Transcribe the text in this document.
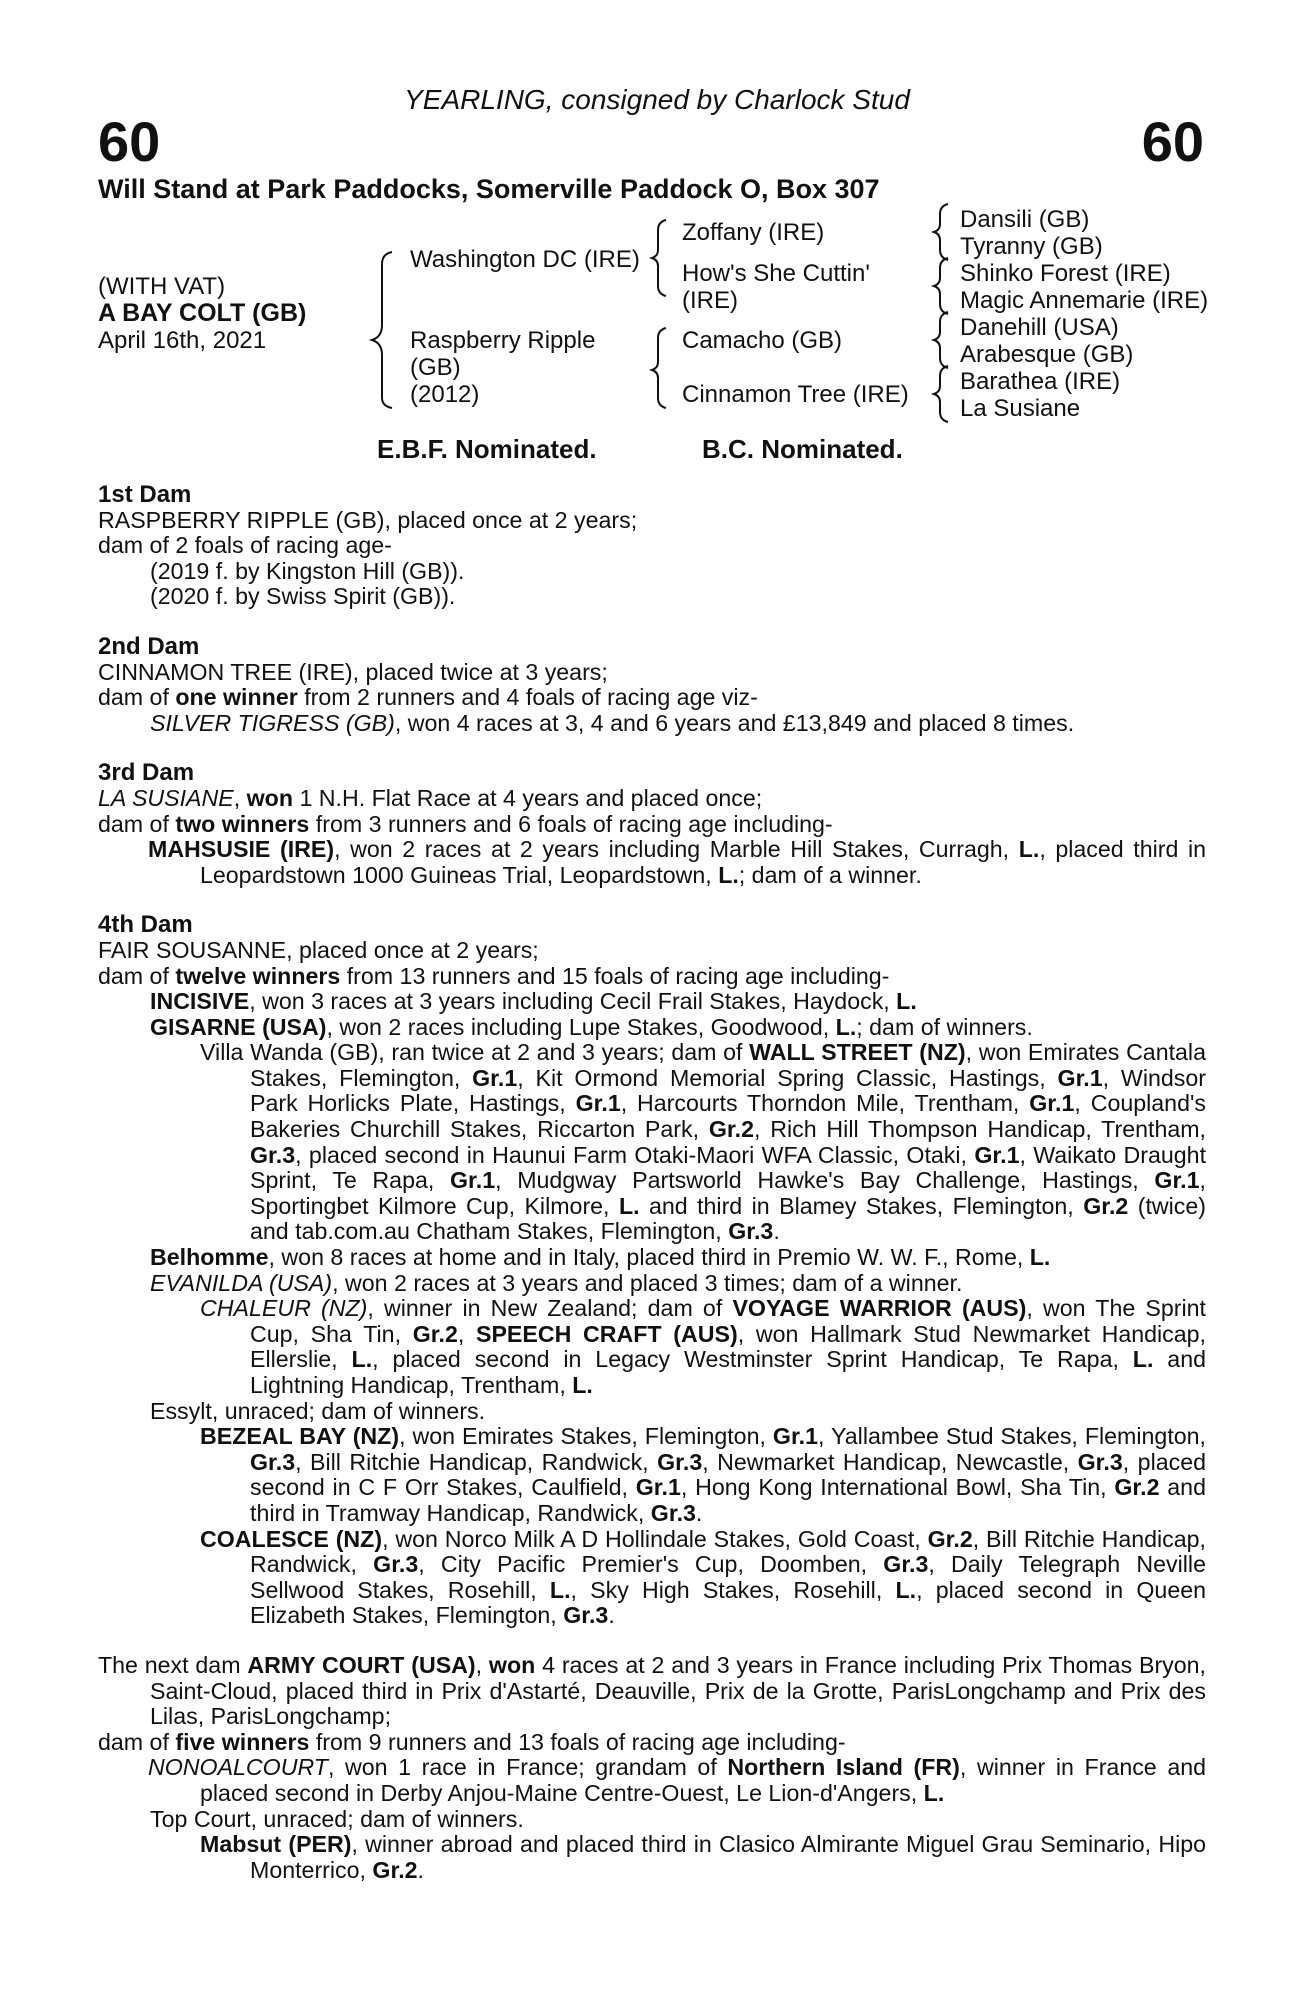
YEARLING, consigned by Charlock Stud
60	60
Will Stand at Park Paddocks, Somerville Paddock O, Box 307
(WITH VAT)
A BAY COLT (GB)
April 16th, 2021
Washington DC (IRE)
Raspberry Ripple
(GB)
(2012)
Zoffany (IRE)
How's She Cuttin'
(IRE)
Camacho (GB)
Cinnamon Tree (IRE)
Dansili (GB)
Tyranny (GB)
Shinko Forest (IRE)
Magic Annemarie (IRE)
Danehill (USA)
Arabesque (GB)
Barathea (IRE)
La Susiane
E.B.F. Nominated.	B.C. Nominated.

1st Dam

RASPBERRY RIPPLE (GB), placed once at 2 years;

dam of 2 foals of racing age-

(2019 f. by Kingston Hill (GB)).

(2020 f. by Swiss Spirit (GB)).

2nd Dam

CINNAMON TREE (IRE), placed twice at 3 years;

dam of one winner from 2 runners and 4 foals of racing age viz-

SILVER TIGRESS (GB), won 4 races at 3, 4 and 6 years and £13,849 and placed 8 times.

3rd Dam

LA SUSIANE, won 1 N.H. Flat Race at 4 years and placed once;

dam of two winners from 3 runners and 6 foals of racing age including-

MAHSUSIE (IRE), won 2 races at 2 years including Marble Hill Stakes, Curragh, L., placed third in Leopardstown 1000 Guineas Trial, Leopardstown, L.; dam of a winner.

4th Dam

FAIR SOUSANNE, placed once at 2 years;

dam of twelve winners from 13 runners and 15 foals of racing age including-

INCISIVE, won 3 races at 3 years including Cecil Frail Stakes, Haydock, L.

GISARNE (USA), won 2 races including Lupe Stakes, Goodwood, L.; dam of winners.

Villa Wanda (GB), ran twice at 2 and 3 years; dam of WALL STREET (NZ), won Emirates Cantala Stakes, Flemington, Gr.1, Kit Ormond Memorial Spring Classic, Hastings, Gr.1, Windsor Park Horlicks Plate, Hastings, Gr.1, Harcourts Thorndon Mile, Trentham, Gr.1, Coupland's Bakeries Churchill Stakes, Riccarton Park, Gr.2, Rich Hill Thompson Handicap, Trentham, Gr.3, placed second in Haunui Farm Otaki-Maori WFA Classic, Otaki, Gr.1, Waikato Draught Sprint, Te Rapa, Gr.1, Mudgway Partsworld Hawke's Bay Challenge, Hastings, Gr.1, Sportingbet Kilmore Cup, Kilmore, L. and third in Blamey Stakes, Flemington, Gr.2 (twice) and tab.com.au Chatham Stakes, Flemington, Gr.3.

Belhomme, won 8 races at home and in Italy, placed third in Premio W. W. F., Rome, L.

EVANILDA (USA), won 2 races at 3 years and placed 3 times; dam of a winner.

CHALEUR (NZ), winner in New Zealand; dam of VOYAGE WARRIOR (AUS), won The Sprint Cup, Sha Tin, Gr.2, SPEECH CRAFT (AUS), won Hallmark Stud Newmarket Handicap, Ellerslie, L., placed second in Legacy Westminster Sprint Handicap, Te Rapa, L. and Lightning Handicap, Trentham, L.

Essylt, unraced; dam of winners.

BEZEAL BAY (NZ), won Emirates Stakes, Flemington, Gr.1, Yallambee Stud Stakes, Flemington, Gr.3, Bill Ritchie Handicap, Randwick, Gr.3, Newmarket Handicap, Newcastle, Gr.3, placed second in C F Orr Stakes, Caulfield, Gr.1, Hong Kong International Bowl, Sha Tin, Gr.2 and third in Tramway Handicap, Randwick, Gr.3.

COALESCE (NZ), won Norco Milk A D Hollindale Stakes, Gold Coast, Gr.2, Bill Ritchie Handicap, Randwick, Gr.3, City Pacific Premier's Cup, Doomben, Gr.3, Daily Telegraph Neville Sellwood Stakes, Rosehill, L., Sky High Stakes, Rosehill, L., placed second in Queen Elizabeth Stakes, Flemington, Gr.3.

The next dam ARMY COURT (USA), won 4 races at 2 and 3 years in France including Prix Thomas Bryon, Saint-Cloud, placed third in Prix d'Astarté, Deauville, Prix de la Grotte, ParisLongchamp and Prix des Lilas, ParisLongchamp;

dam of five winners from 9 runners and 13 foals of racing age including-

NONOALCOURT, won 1 race in France; grandam of Northern Island (FR), winner in France and placed second in Derby Anjou-Maine Centre-Ouest, Le Lion-d'Angers, L.

Top Court, unraced; dam of winners.

Mabsut (PER), winner abroad and placed third in Clasico Almirante Miguel Grau Seminario, Hipo Monterrico, Gr.2.
